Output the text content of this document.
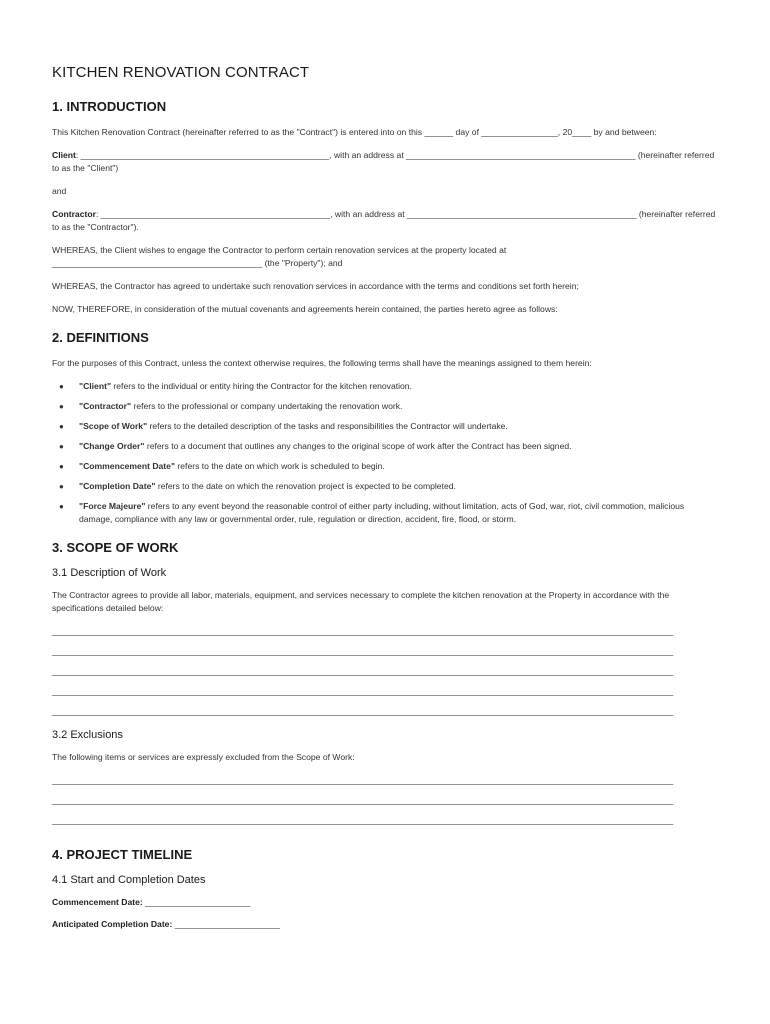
KITCHEN RENOVATION CONTRACT
1. INTRODUCTION

This Kitchen Renovation Contract (hereinafter referred to as the "Contract") is entered into on this ______ day of ________________, 20____ by and between:

Client: ____________________________________________________, with an address at ________________________________________________ (hereinafter referred to as the "Client")

and

Contractor: ________________________________________________, with an address at ________________________________________________ (hereinafter referred to as the "Contractor").

WHEREAS, the Client wishes to engage the Contractor to perform certain renovation services at the property located at ____________________________________________ (the "Property"); and

WHEREAS, the Contractor has agreed to undertake such renovation services in accordance with the terms and conditions set forth herein;

NOW, THEREFORE, in consideration of the mutual covenants and agreements herein contained, the parties hereto agree as follows:

2. DEFINITIONS

For the purposes of this Contract, unless the context otherwise requires, the following terms shall have the meanings assigned to them herein:

● "Client" refers to the individual or entity hiring the Contractor for the kitchen renovation.
● "Contractor" refers to the professional or company undertaking the renovation work.
● "Scope of Work" refers to the detailed description of the tasks and responsibilities the Contractor will undertake.
● "Change Order" refers to a document that outlines any changes to the original scope of work after the Contract has been signed.
● "Commencement Date" refers to the date on which work is scheduled to begin.
● "Completion Date" refers to the date on which the renovation project is expected to be completed.
● "Force Majeure" refers to any event beyond the reasonable control of either party including, without limitation, acts of God, war, riot, civil commotion, malicious damage, compliance with any law or governmental order, rule, regulation or direction, accident, fire, flood, or storm.
3. SCOPE OF WORK
3.1 Description of Work

The Contractor agrees to provide all labor, materials, equipment, and services necessary to complete the kitchen renovation at the Property in accordance with the specifications detailed below:

__________________________________________________________________________________________________________________________________
__________________________________________________________________________________________________________________________________
__________________________________________________________________________________________________________________________________
__________________________________________________________________________________________________________________________________
__________________________________________________________________________________________________________________________________
3.2 Exclusions

The following items or services are expressly excluded from the Scope of Work:

__________________________________________________________________________________________________________________________________
__________________________________________________________________________________________________________________________________
__________________________________________________________________________________________________________________________________
4. PROJECT TIMELINE
4.1 Start and Completion Dates

Commencement Date: ______________________

Anticipated Completion Date: ______________________
